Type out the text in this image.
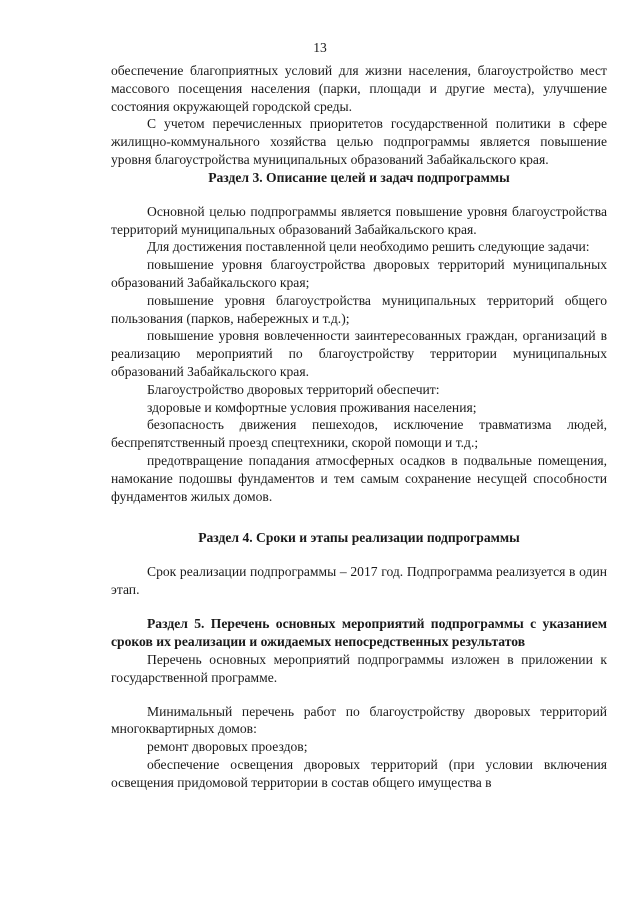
13

обеспечение благоприятных условий для жизни населения, благоустройство мест массового посещения населения (парки, площади и другие места), улучшение состояния окружающей городской среды.

С учетом перечисленных приоритетов государственной политики в сфере жилищно-коммунального хозяйства целью подпрограммы является повышение уровня благоустройства муниципальных образований Забайкальского края.

Раздел 3. Описание целей и задач подпрограммы

Основной целью подпрограммы является повышение уровня благоустройства территорий муниципальных образований Забайкальского края.

Для достижения поставленной цели необходимо решить следующие задачи:

повышение уровня благоустройства дворовых территорий муниципальных образований Забайкальского края;

повышение уровня благоустройства муниципальных территорий общего пользования (парков, набережных и т.д.);

повышение уровня вовлеченности заинтересованных граждан, организаций в реализацию мероприятий по благоустройству территории муниципальных образований Забайкальского края.

Благоустройство дворовых территорий обеспечит:

здоровые и комфортные условия проживания населения;

безопасность движения пешеходов, исключение травматизма людей, беспрепятственный проезд спецтехники, скорой помощи и т.д.;

предотвращение попадания атмосферных осадков в подвальные помещения, намокание подошвы фундаментов и тем самым сохранение несущей способности фундаментов жилых домов.

Раздел 4. Сроки и этапы реализации подпрограммы

Срок реализации подпрограммы – 2017 год. Подпрограмма реализуется в один этап.

Раздел 5. Перечень основных мероприятий подпрограммы с указанием сроков их реализации и ожидаемых непосредственных результатов

Перечень основных мероприятий подпрограммы изложен в приложении к государственной программе.

Минимальный перечень работ по благоустройству дворовых территорий многоквартирных домов:

ремонт дворовых проездов;

обеспечение освещения дворовых территорий (при условии включения освещения придомовой территории в состав общего имущества в
